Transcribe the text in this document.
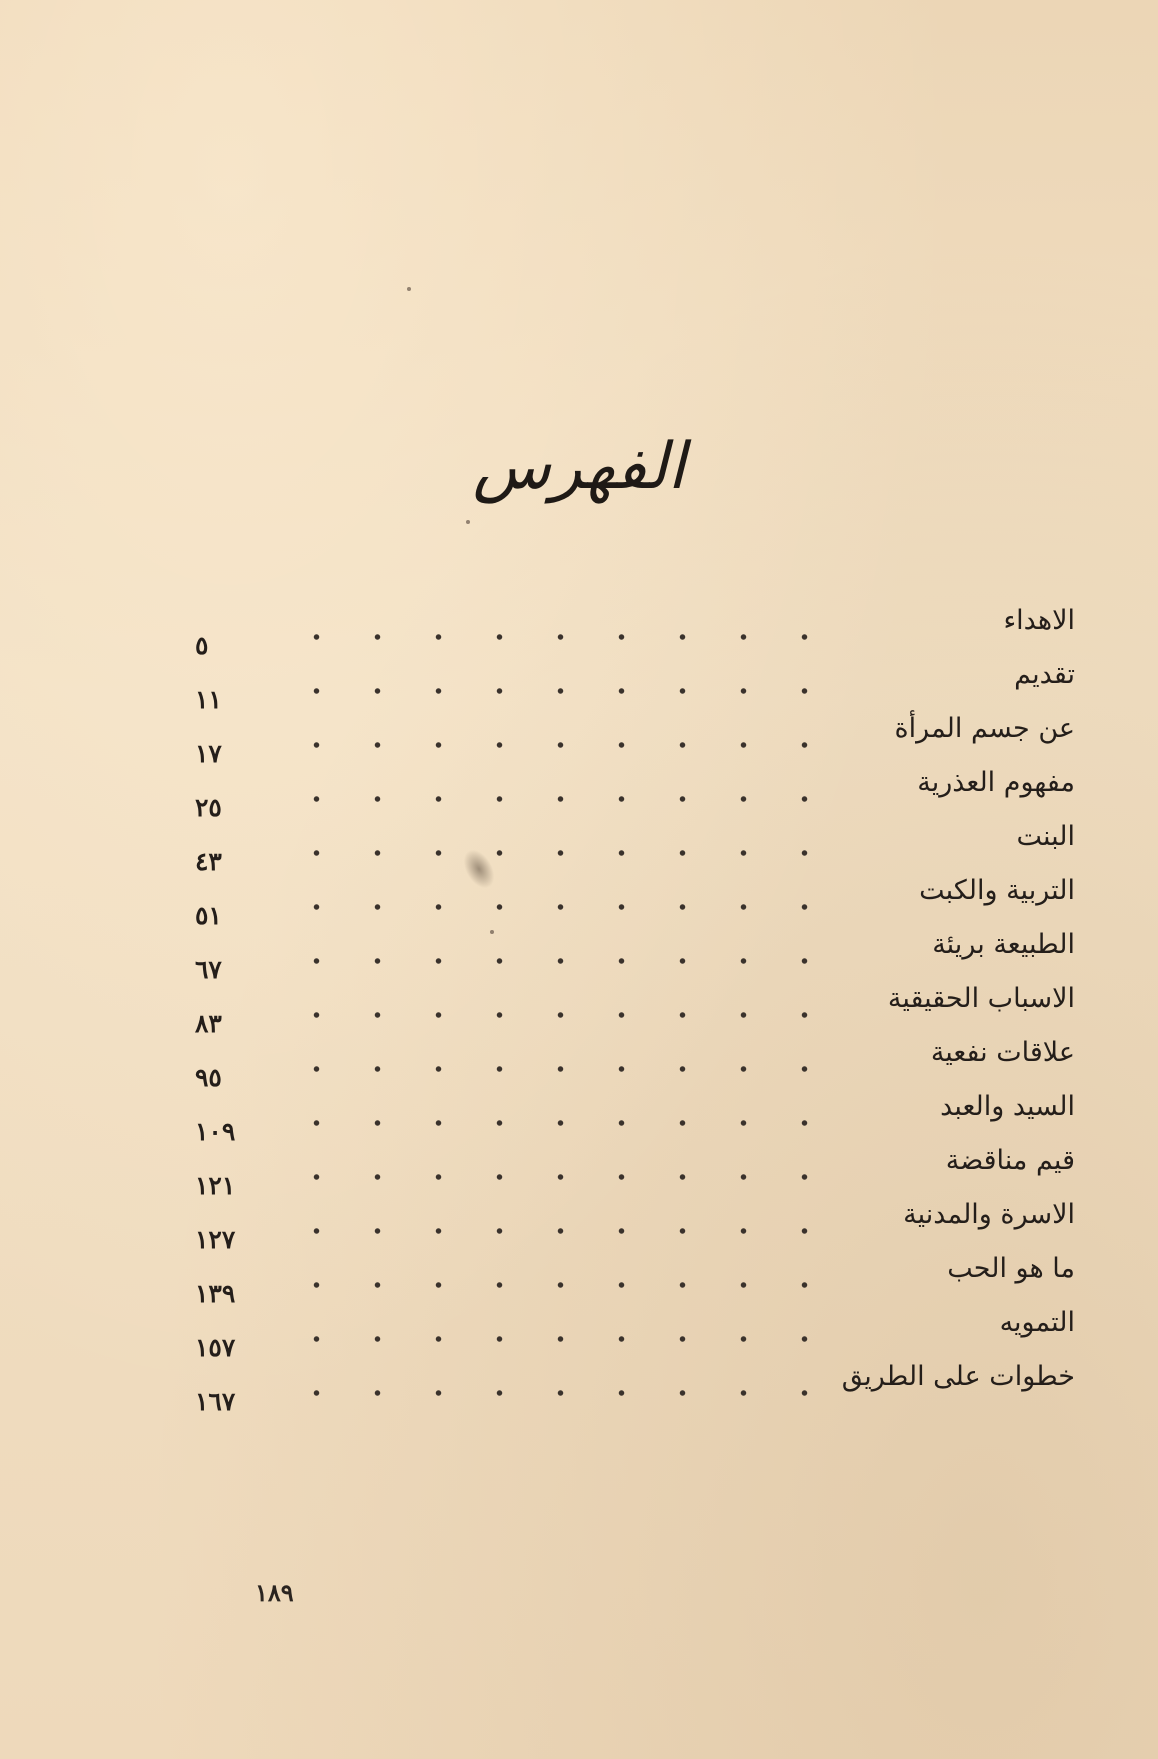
الفهرس
الاهداء
٥
تقديم
١١
عن جسم المرأة
١٧
مفهوم العذرية
٢٥
البنت
٤٣
التربية والكبت
٥١
الطبيعة بريئة
٦٧
الاسباب الحقيقية
٨٣
علاقات نفعية
٩٥
السيد والعبد
١٠٩
قيم مناقضة
١٢١
الاسرة والمدنية
١٢٧
ما هو الحب
١٣٩
التمويه
١٥٧
خطوات على الطريق
١٦٧
١٨٩
